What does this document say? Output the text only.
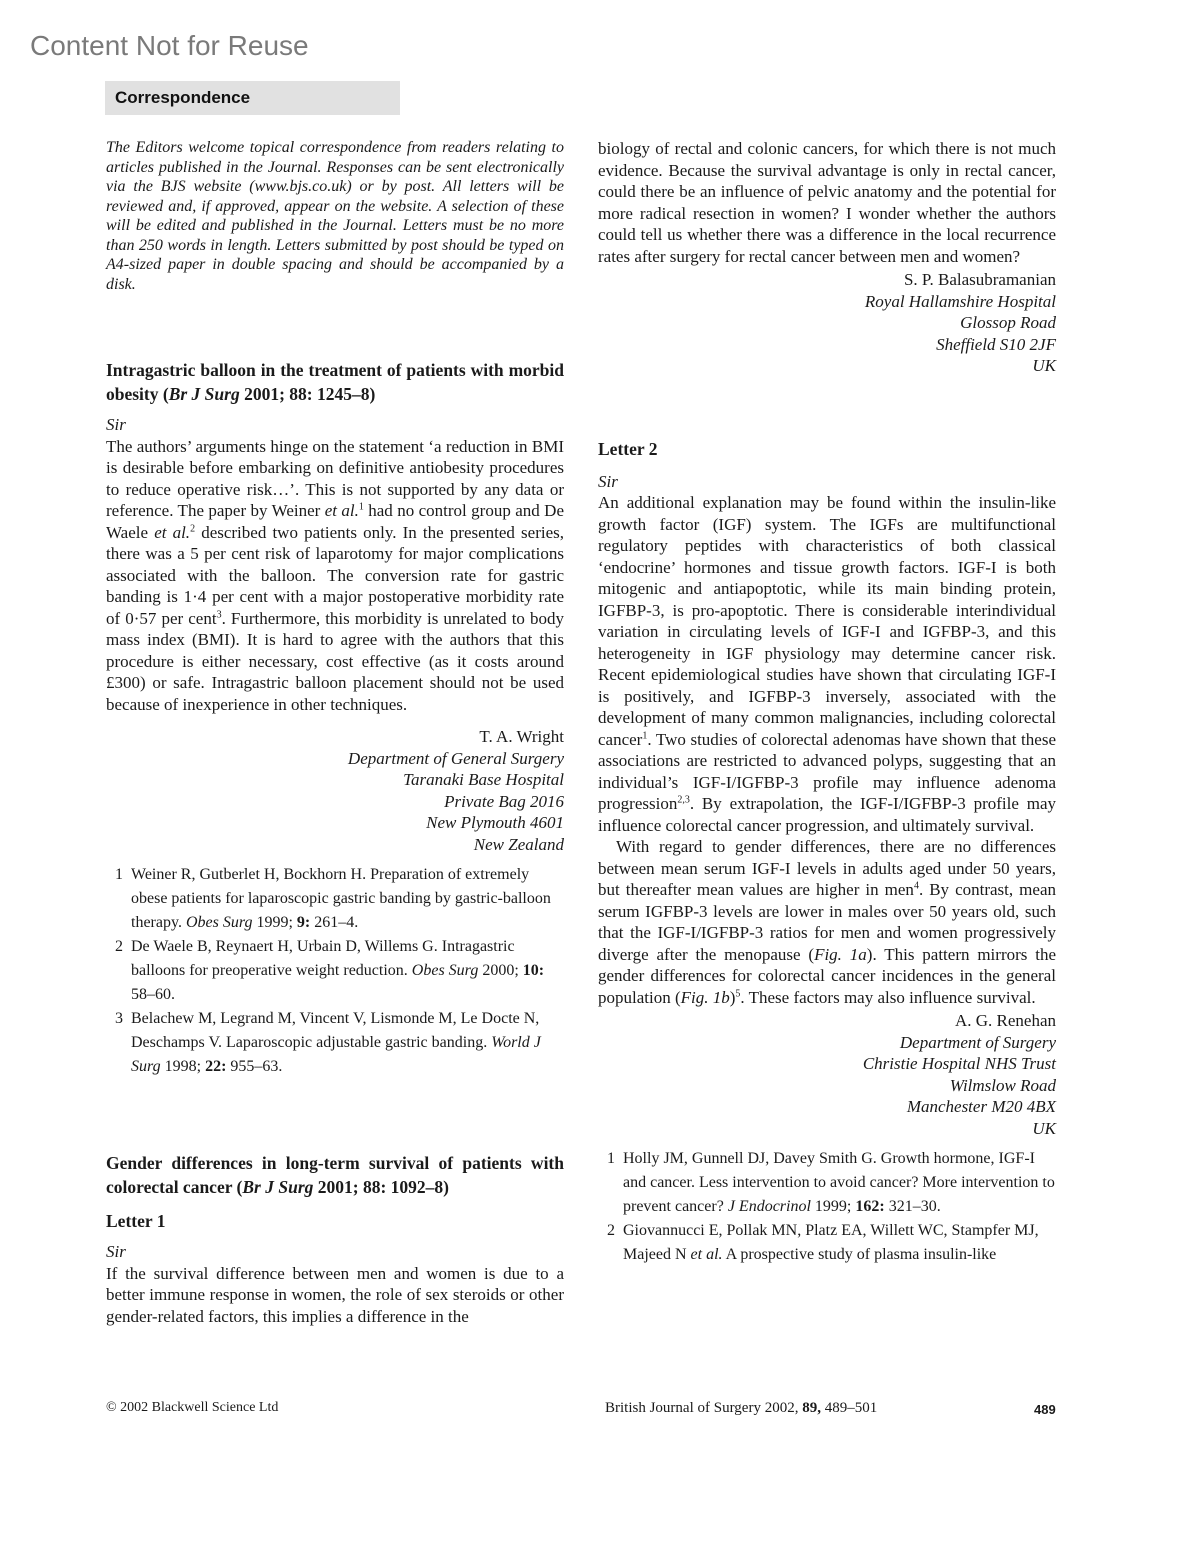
Content Not for Reuse
Correspondence

The Editors welcome topical correspondence from readers relating to articles published in the Journal. Responses can be sent electronically via the BJS website (www.bjs.co.uk) or by post. All letters will be reviewed and, if approved, appear on the website. A selection of these will be edited and published in the Journal. Letters must be no more than 250 words in length. Letters submitted by post should be typed on A4-sized paper in double spacing and should be accompanied by a disk.

Intragastric balloon in the treatment of patients with morbid obesity (Br J Surg 2001; 88: 1245–8)

Sir

The authors’ arguments hinge on the statement ‘a reduction in BMI is desirable before embarking on definitive antiobesity procedures to reduce operative risk…’. This is not supported by any data or reference. The paper by Weiner et al.$^1$ had no control group and De Waele et al.$^2$ described two patients only. In the presented series, there was a 5 per cent risk of laparotomy for major complications associated with the balloon. The conversion rate for gastric banding is 1·4 per cent with a major postoperative morbidity rate of 0·57 per cent$^3$. Furthermore, this morbidity is unrelated to body mass index (BMI). It is hard to agree with the authors that this procedure is either necessary, cost effective (as it costs around £300) or safe. Intragastric balloon placement should not be used because of inexperience in other techniques.

T. A. Wright
Department of General Surgery
Taranaki Base Hospital
Private Bag 2016
New Plymouth 4601
New Zealand
1 Weiner R, Gutberlet H, Bockhorn H. Preparation of extremely obese patients for laparoscopic gastric banding by gastric-balloon therapy. Obes Surg 1999; 9: 261–4.
2 De Waele B, Reynaert H, Urbain D, Willems G. Intragastric balloons for preoperative weight reduction. Obes Surg 2000; 10: 58–60.
3 Belachew M, Legrand M, Vincent V, Lismonde M, Le Docte N, Deschamps V. Laparoscopic adjustable gastric banding. World J Surg 1998; 22: 955–63.

Gender differences in long-term survival of patients with colorectal cancer (Br J Surg 2001; 88: 1092–8)

Letter 1

Sir

If the survival difference between men and women is due to a better immune response in women, the role of sex steroids or other gender-related factors, this implies a difference in the

biology of rectal and colonic cancers, for which there is not much evidence. Because the survival advantage is only in rectal cancer, could there be an influence of pelvic anatomy and the potential for more radical resection in women? I wonder whether the authors could tell us whether there was a difference in the local recurrence rates after surgery for rectal cancer between men and women?

S. P. Balasubramanian
Royal Hallamshire Hospital
Glossop Road
Sheffield S10 2JF
UK

Letter 2

Sir

An additional explanation may be found within the insulin-like growth factor (IGF) system. The IGFs are multifunctional regulatory peptides with characteristics of both classical ‘endocrine’ hormones and tissue growth factors. IGF-I is both mitogenic and antiapoptotic, while its main binding protein, IGFBP-3, is pro-apoptotic. There is considerable interindividual variation in circulating levels of IGF-I and IGFBP-3, and this heterogeneity in IGF physiology may determine cancer risk. Recent epidemiological studies have shown that circulating IGF-I is positively, and IGFBP-3 inversely, associated with the development of many common malignancies, including colorectal cancer$^1$. Two studies of colorectal adenomas have shown that these associations are restricted to advanced polyps, suggesting that an individual’s IGF-I/IGFBP-3 profile may influence adenoma progression$^{2,3}$. By extrapolation, the IGF-I/IGFBP-3 profile may influence colorectal cancer progression, and ultimately survival.

With regard to gender differences, there are no differences between mean serum IGF-I levels in adults aged under 50 years, but thereafter mean values are higher in men$^4$. By contrast, mean serum IGFBP-3 levels are lower in males over 50 years old, such that the IGF-I/IGFBP-3 ratios for men and women progressively diverge after the menopause (Fig. 1a). This pattern mirrors the gender differences for colorectal cancer incidences in the general population (Fig. 1b)$^5$. These factors may also influence survival.

A. G. Renehan
Department of Surgery
Christie Hospital NHS Trust
Wilmslow Road
Manchester M20 4BX
UK
1 Holly JM, Gunnell DJ, Davey Smith G. Growth hormone, IGF-I and cancer. Less intervention to avoid cancer? More intervention to prevent cancer? J Endocrinol 1999; 162: 321–30.
2 Giovannucci E, Pollak MN, Platz EA, Willett WC, Stampfer MJ, Majeed N et al. A prospective study of plasma insulin-like
© 2002 Blackwell Science Ltd	British Journal of Surgery 2002, 89, 489–501	489
